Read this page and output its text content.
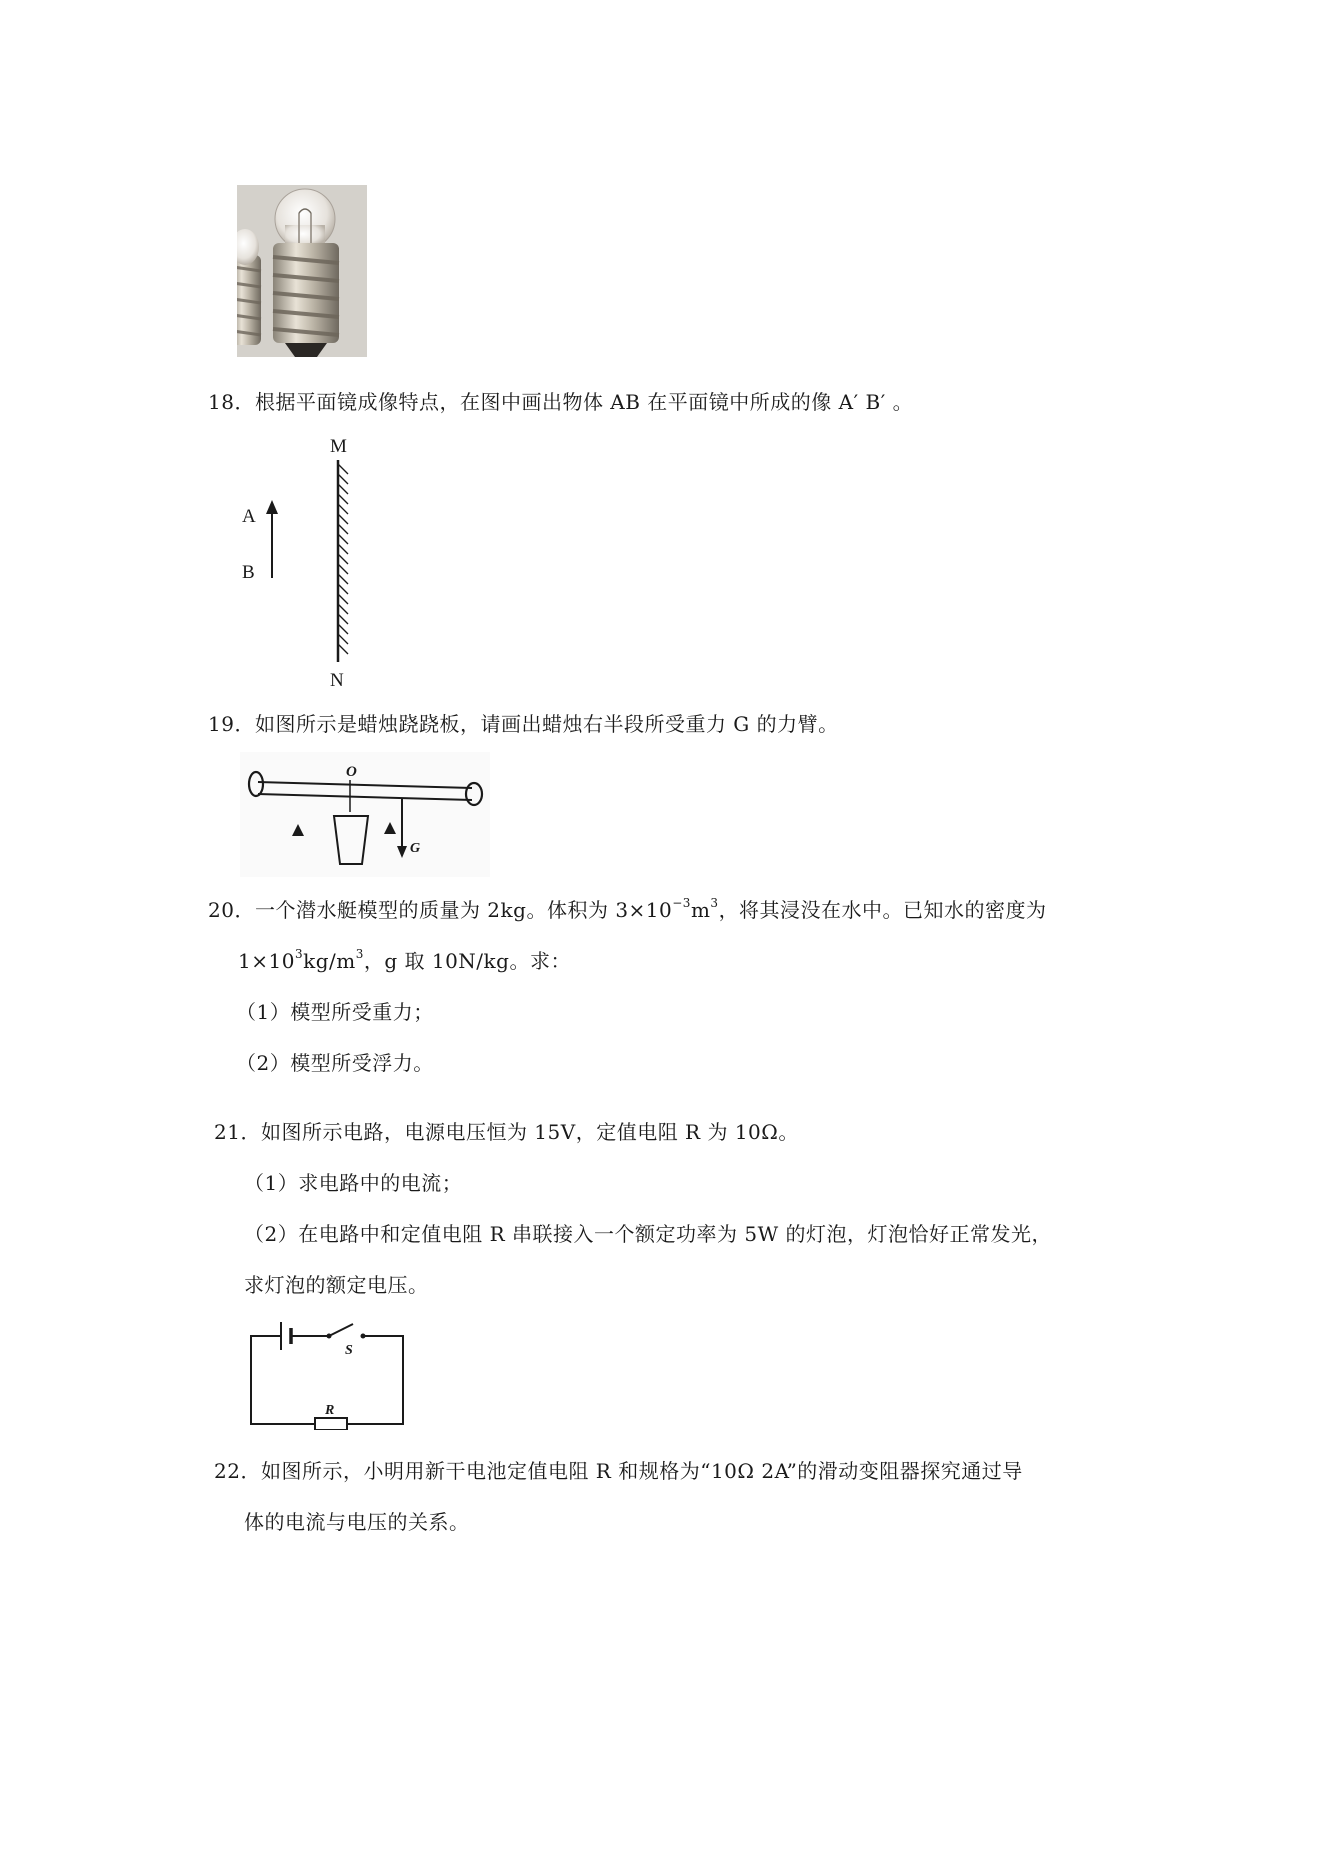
18．根据平面镜成像特点，在图中画出物体 AB 在平面镜中所成的像 A′ B′ 。
M
N
A
B
19．如图所示是蜡烛跷跷板，请画出蜡烛右半段所受重力 G 的力臂。
O
G
20．一个潜水艇模型的质量为 2kg。体积为 $3\times 10^{-3}m^3$，将其浸没在水中。已知水的密度为
$1\times 10^3kg/m^3$，g 取 10N/kg。求：
（1）模型所受重力；
（2）模型所受浮力。
21．如图所示电路，电源电压恒为 15V，定值电阻 R 为 10Ω。
（1）求电路中的电流；
（2）在电路中和定值电阻 R 串联接入一个额定功率为 5W 的灯泡，灯泡恰好正常发光，
求灯泡的额定电压。
S
R
22．如图所示，小明用新干电池定值电阻 R 和规格为“10Ω 2A”的滑动变阻器探究通过导
体的电流与电压的关系。
